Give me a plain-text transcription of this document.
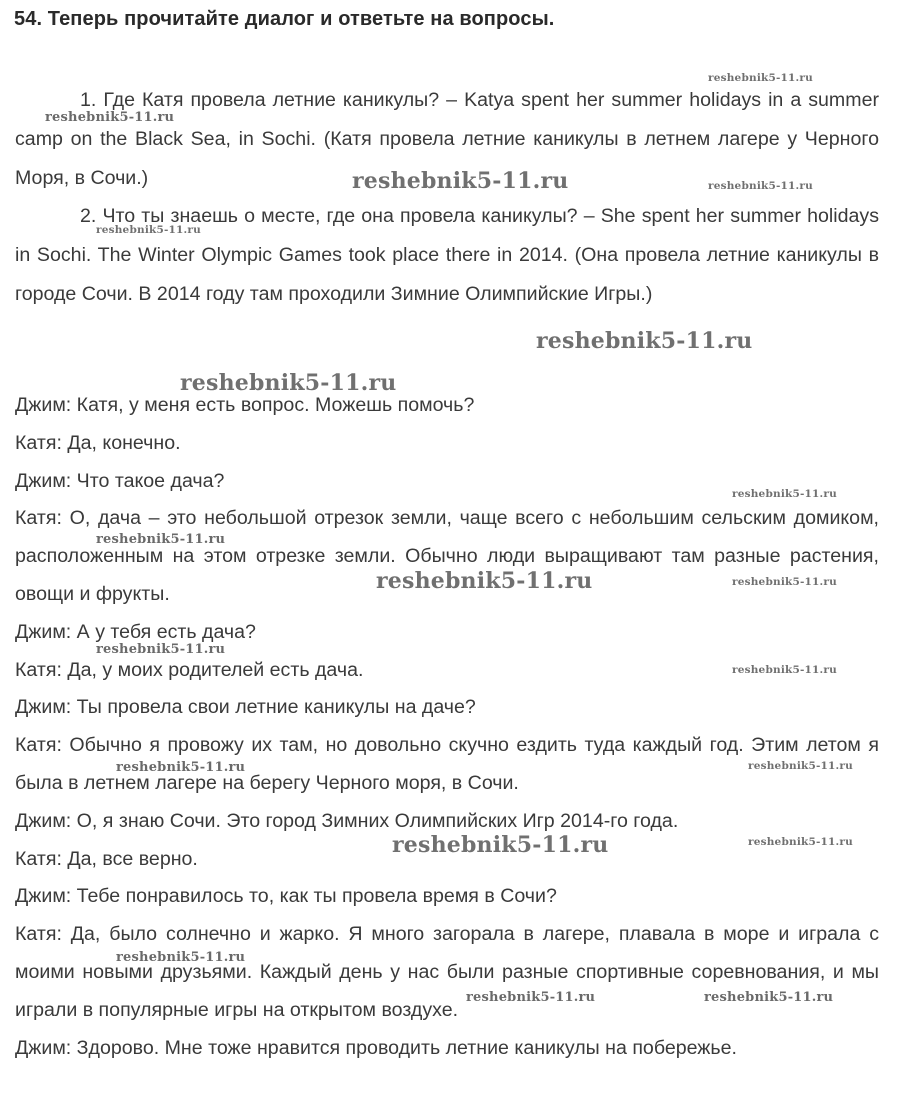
54. Теперь прочитайте диалог и ответьте на вопросы.

1. Где Катя провела летние каникулы? – Katya spent her summer holidays in a summer camp on the Black Sea, in Sochi. (Катя провела летние каникулы в летнем лагере у Черного Моря, в Сочи.)

2. Что ты знаешь о месте, где она провела каникулы? – She spent her summer holidays in Sochi. The Winter Olympic Games took place there in 2014. (Она провела летние каникулы в городе Сочи. В 2014 году там проходили Зимние Олимпийские Игры.)

Джим: Катя, у меня есть вопрос. Можешь помочь?

Катя: Да, конечно.

Джим: Что такое дача?

Катя: О, дача – это небольшой отрезок земли, чаще всего с небольшим сельским домиком, расположенным на этом отрезке земли. Обычно люди выращивают там разные растения, овощи и фрукты.

Джим: А у тебя есть дача?

Катя: Да, у моих родителей есть дача.

Джим: Ты провела свои летние каникулы на даче?

Катя: Обычно я провожу их там, но довольно скучно ездить туда каждый год. Этим летом я была в летнем лагере на берегу Черного моря, в Сочи.

Джим: О, я знаю Сочи. Это город Зимних Олимпийских Игр 2014-го года.

Катя: Да, все верно.

Джим: Тебе понравилось то, как ты провела время в Сочи?

Катя: Да, было солнечно и жарко. Я много загорала в лагере, плавала в море и играла с моими новыми друзьями. Каждый день у нас были разные спортивные соревнования, и мы играли в популярные игры на открытом воздухе.

Джим: Здорово. Мне тоже нравится проводить летние каникулы на побережье.

reshebnik5-11.ru
reshebnik5-11.ru
reshebnik5-11.ru	reshebnik5-11.ru
reshebnik5-11.ru
reshebnik5-11.ru
reshebnik5-11.ru
reshebnik5-11.ru
reshebnik5-11.ru
reshebnik5-11.ru	reshebnik5-11.ru
reshebnik5-11.ru
reshebnik5-11.ru
reshebnik5-11.ru	reshebnik5-11.ru
reshebnik5-11.ru
reshebnik5-11.ru
reshebnik5-11.ru
reshebnik5-11.ru	reshebnik5-11.ru
